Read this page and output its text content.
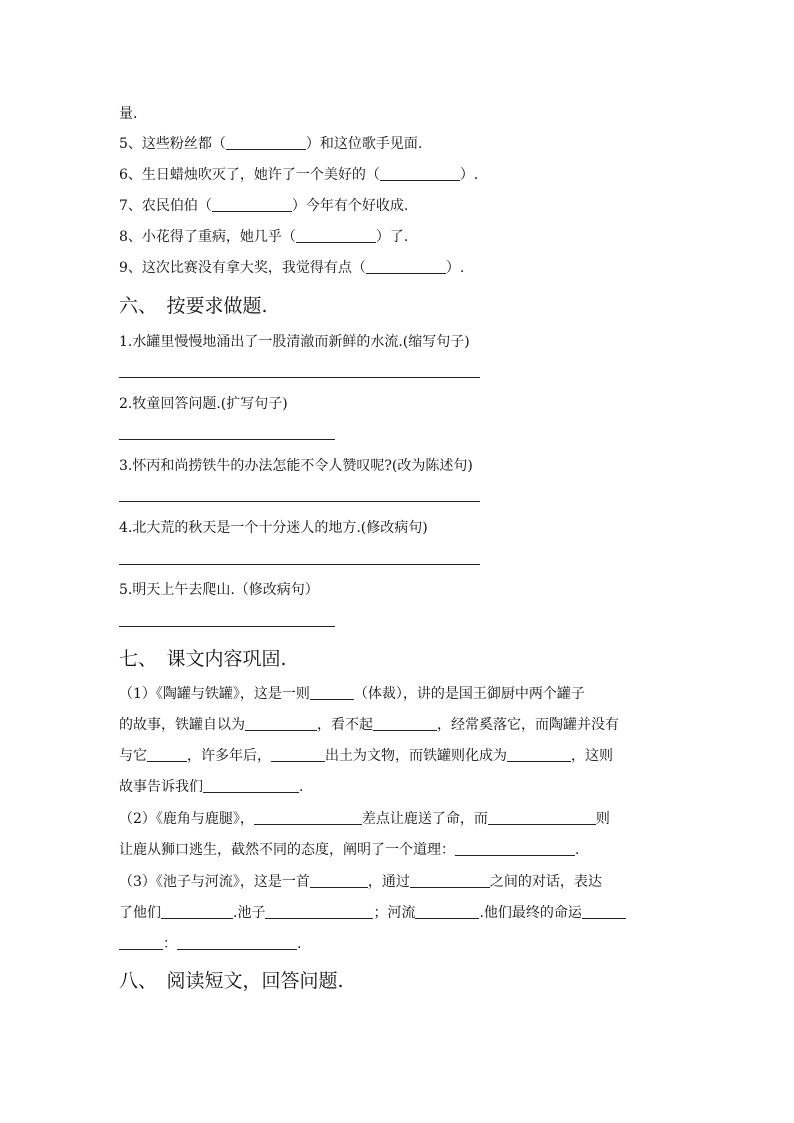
量.
5、这些粉丝都（	）和这位歌手见面.
6、生日蜡烛吹灭了，她许了一个美好的（	）.
7、农民伯伯（	）今年有个好收成.
8、小花得了重病，她几乎（	）了.
9、这次比赛没有拿大奖，我觉得有点（	）.
六、　按要求做题.
1.水罐里慢慢地涌出了一股清澈而新鲜的水流.(缩写句子)
2.牧童回答问题.(扩写句子)
3.怀丙和尚捞铁牛的办法怎能不令人赞叹呢?(改为陈述句)
4.北大荒的秋天是一个十分迷人的地方.(修改病句)
5.明天上午去爬山.（修改病句）
七、　课文内容巩固.
（1）《陶罐与铁罐》，这是一则	（体裁），讲的是国王御厨中两个罐子
的故事，铁罐自以为	，看不起	，经常奚落它，而陶罐并没有
与它	，许多年后，	出土为文物，而铁罐则化成为	，这则
故事告诉我们	.
（2）《鹿角与鹿腿》，	差点让鹿送了命，而	则
让鹿从狮口逃生，截然不同的态度，阐明了一个道理：	.
（3）《池子与河流》，这是一首	，通过	之间的对话，表达
了他们	.池子	；河流	.他们最终的命运
：	.
八、　阅读短文，回答问题.
